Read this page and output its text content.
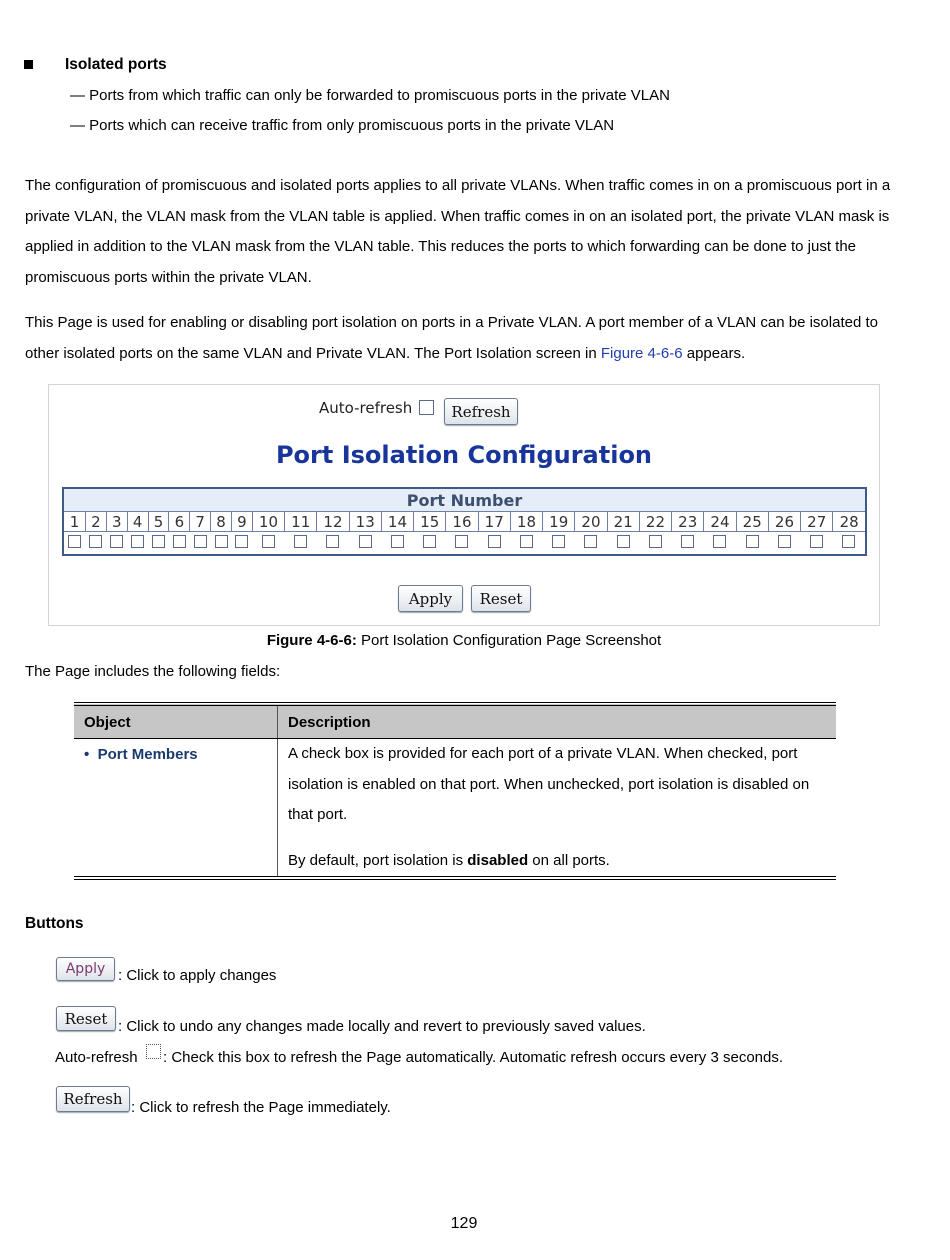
Isolated ports
— Ports from which traffic can only be forwarded to promiscuous ports in the private VLAN
— Ports which can receive traffic from only promiscuous ports in the private VLAN
The configuration of promiscuous and isolated ports applies to all private VLANs. When traffic comes in on a promiscuous port in a private VLAN, the VLAN mask from the VLAN table is applied. When traffic comes in on an isolated port, the private VLAN mask is applied in addition to the VLAN mask from the VLAN table. This reduces the ports to which forwarding can be done to just the promiscuous ports within the private VLAN.
This Page is used for enabling or disabling port isolation on ports in a Private VLAN. A port member of a VLAN can be isolated to other isolated ports on the same VLAN and Private VLAN. The Port Isolation screen in Figure 4-6-6 appears.
Auto-refresh	Refresh
Port Isolation Configuration
Port Number																											
1	2	3	4	5	6	7	8	9	10	11	12	13	14	15	16	17	18	19	20	21	22	23	24	25	26	27	28

Apply	Reset
Figure 4-6-6: Port Isolation Configuration Page Screenshot
The Page includes the following fields:
Object	Description

•  Port Members	A check box is provided for each port of a private VLAN. When checked, port isolation is enabled on that port. When unchecked, port isolation is disabled on that port.

By default, port isolation is disabled on all ports.

Buttons
Apply : Click to apply changes
Reset : Click to undo any changes made locally and revert to previously saved values.
Auto-refresh : Check this box to refresh the Page automatically. Automatic refresh occurs every 3 seconds.
Refresh : Click to refresh the Page immediately.
129
